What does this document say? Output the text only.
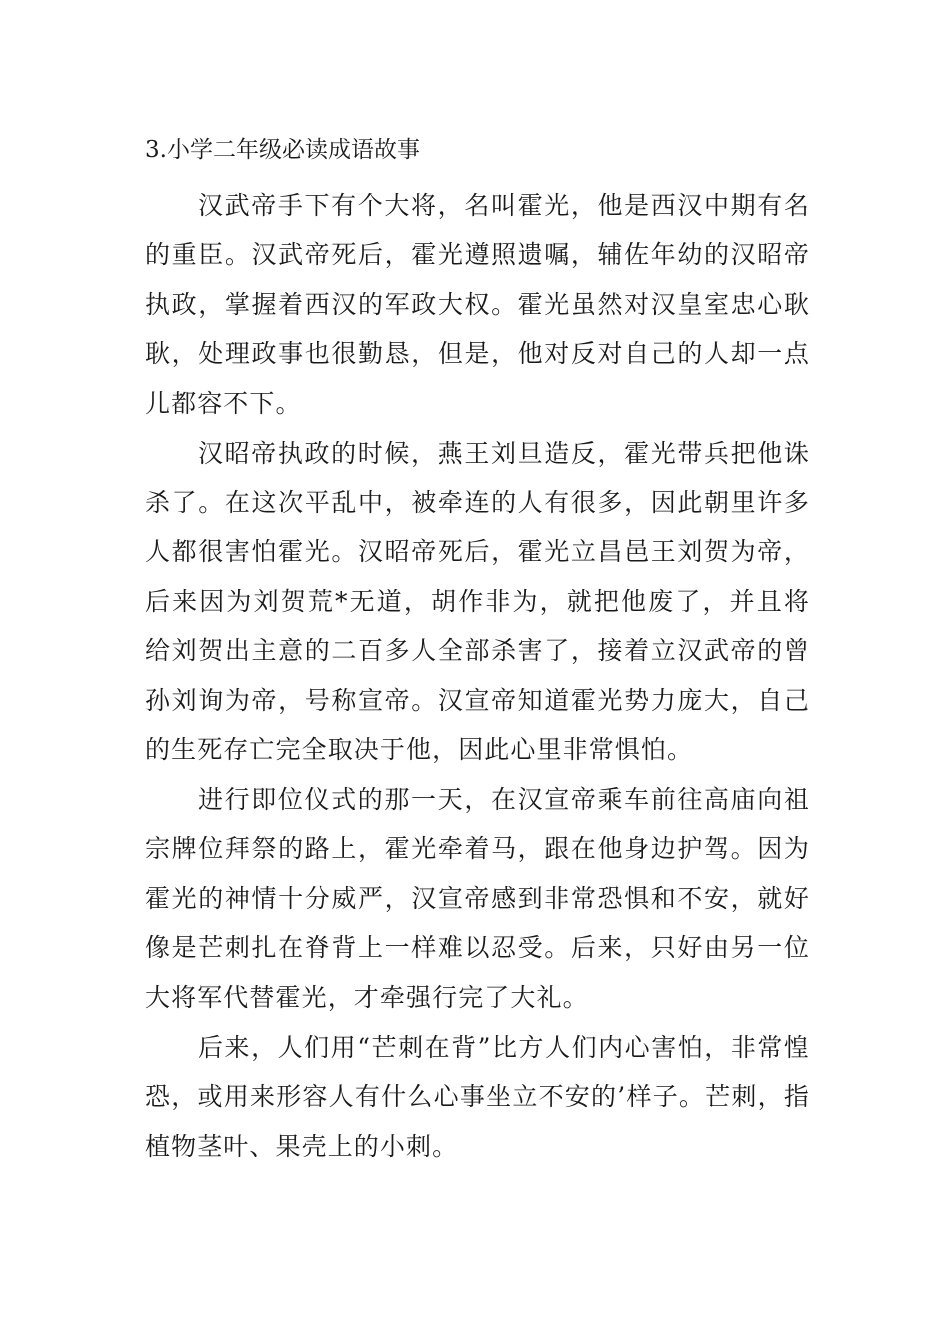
3.小学二年级必读成语故事

汉武帝手下有个大将，名叫霍光，他是西汉中期有名的重臣。汉武帝死后，霍光遵照遗嘱，辅佐年幼的汉昭帝执政，掌握着西汉的军政大权。霍光虽然对汉皇室忠心耿耿，处理政事也很勤恳，但是，他对反对自己的人却一点儿都容不下。

汉昭帝执政的时候，燕王刘旦造反，霍光带兵把他诛杀了。在这次平乱中，被牵连的人有很多，因此朝里许多人都很害怕霍光。汉昭帝死后，霍光立昌邑王刘贺为帝，后来因为刘贺荒*无道，胡作非为，就把他废了，并且将给刘贺出主意的二百多人全部杀害了，接着立汉武帝的曾孙刘询为帝，号称宣帝。汉宣帝知道霍光势力庞大，自己的生死存亡完全取决于他，因此心里非常惧怕。

进行即位仪式的那一天，在汉宣帝乘车前往高庙向祖宗牌位拜祭的路上，霍光牵着马，跟在他身边护驾。因为霍光的神情十分威严，汉宣帝感到非常恐惧和不安，就好像是芒刺扎在脊背上一样难以忍受。后来，只好由另一位大将军代替霍光，才牵强行完了大礼。

后来，人们用“芒刺在背”比方人们内心害怕，非常惶恐，或用来形容人有什么心事坐立不安的’样子。芒刺，指植物茎叶、果壳上的小刺。
